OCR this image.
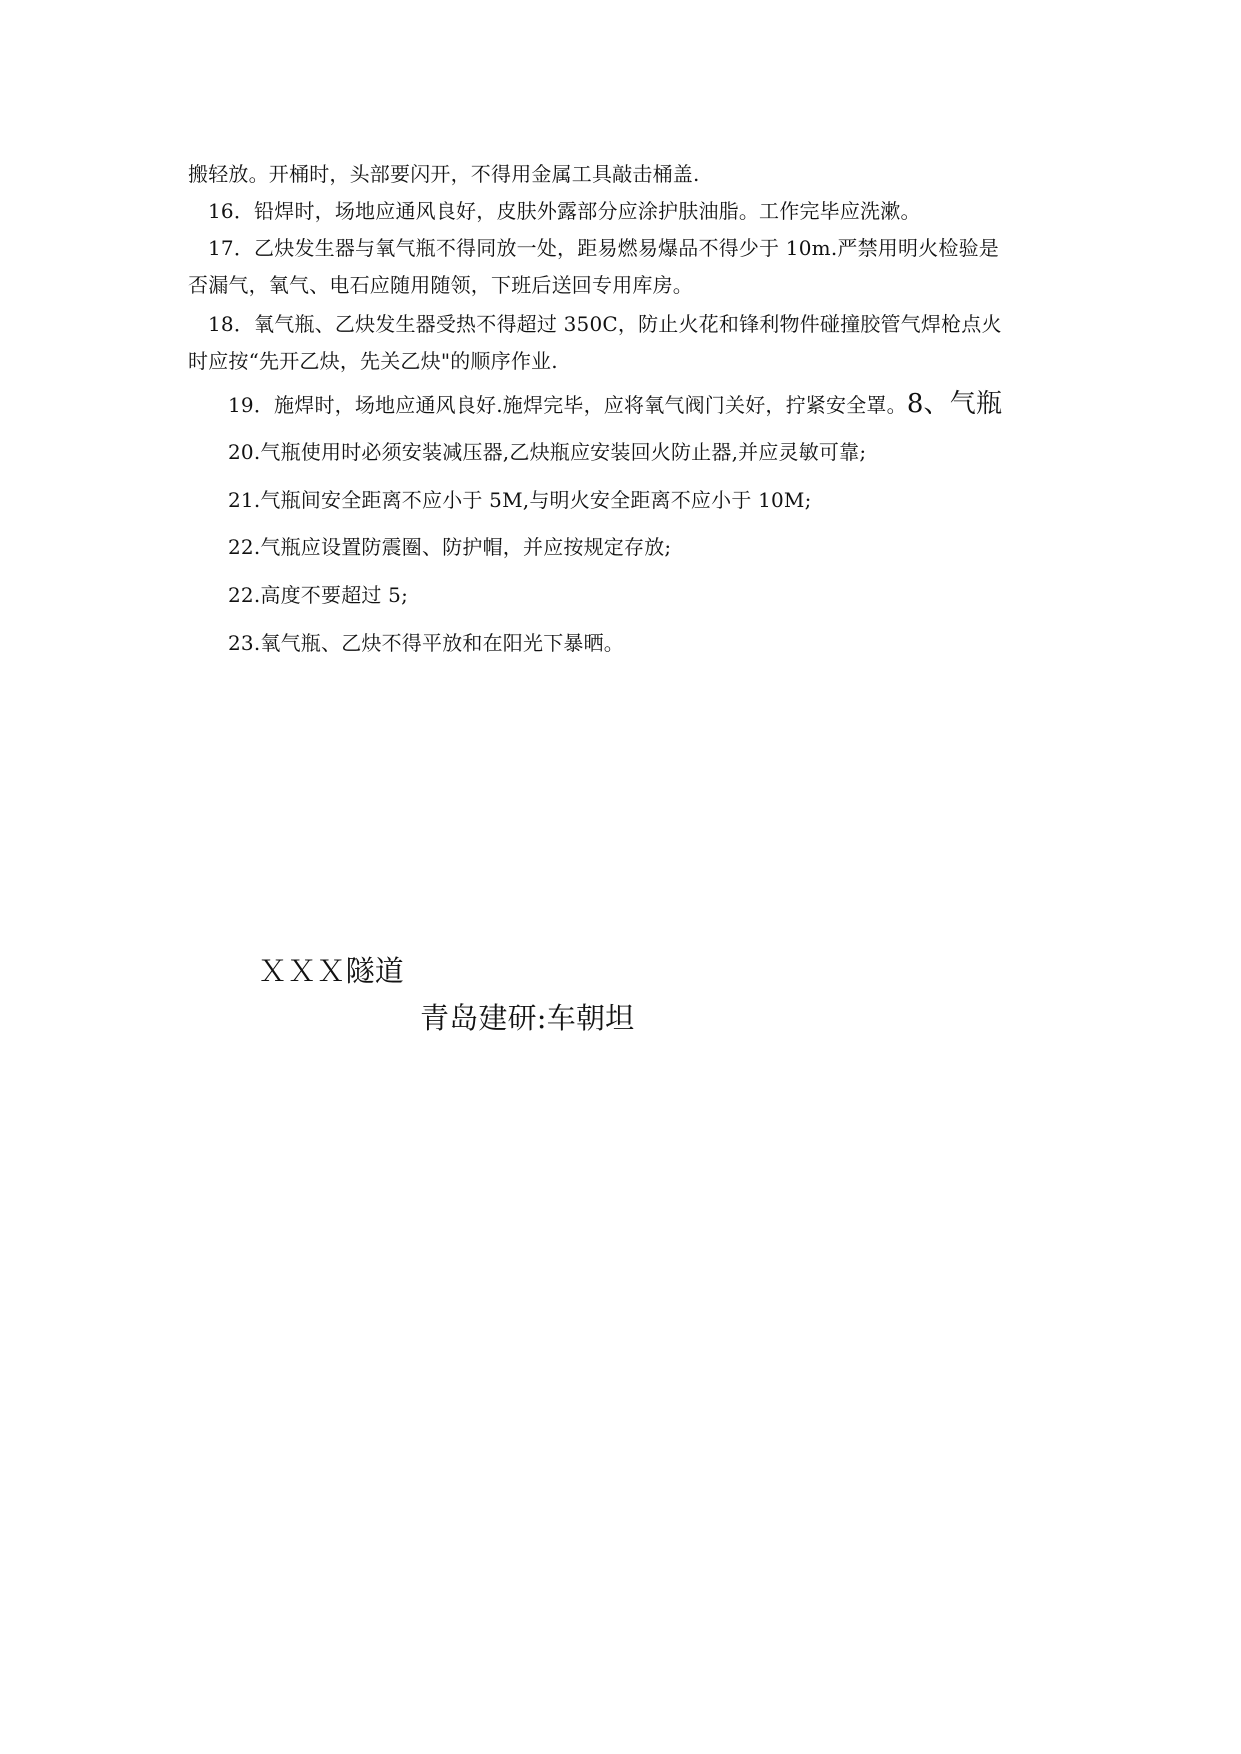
搬轻放。开桶时，头部要闪开，不得用金属工具敲击桶盖.
16．铅焊时，场地应通风良好，皮肤外露部分应涂护肤油脂。工作完毕应洗漱。
17．乙炔发生器与氧气瓶不得同放一处，距易燃易爆品不得少于 10m.严禁用明火检验是
否漏气，氧气、电石应随用随领，下班后送回专用库房。
18．氧气瓶、乙炔发生器受热不得超过 350C，防止火花和锋利物件碰撞胶管气焊枪点火
时应按“先开乙炔，先关乙炔"的顺序作业.
19．施焊时，场地应通风良好.施焊完毕，应将氧气阀门关好，拧紧安全罩。8、气瓶
20.气瓶使用时必须安装减压器,乙炔瓶应安装回火防止器,并应灵敏可靠;
21.气瓶间安全距离不应小于 5M,与明火安全距离不应小于 10M;
22.气瓶应设置防震圈、防护帽，并应按规定存放;
22.高度不要超过 5;
23.氧气瓶、乙炔不得平放和在阳光下暴晒。
ＸＸＸ隧道
青岛建研:车朝坦
